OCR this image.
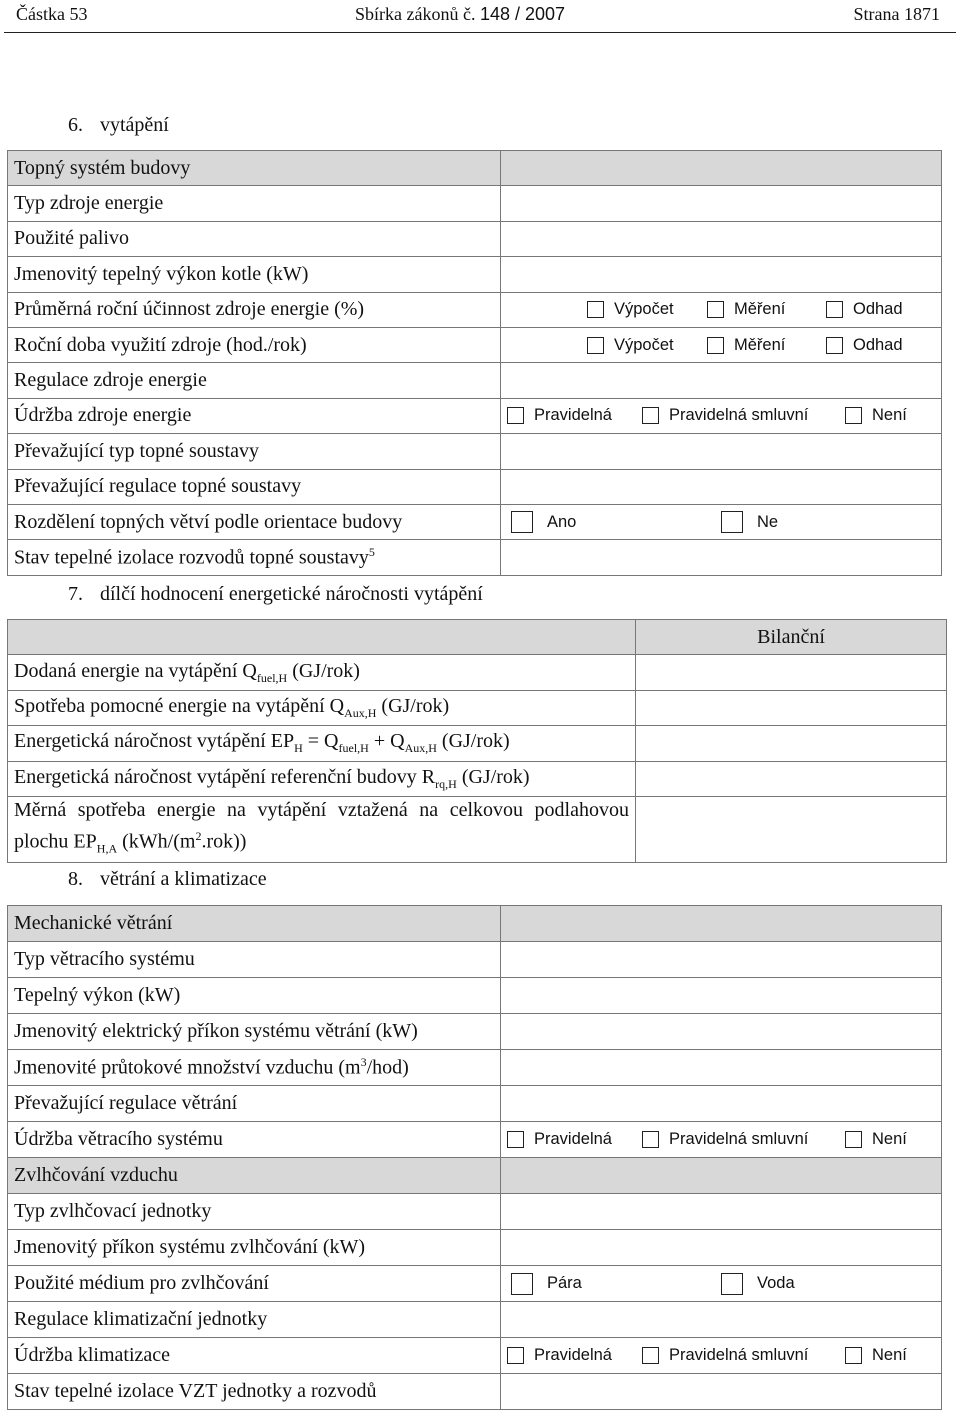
Částka 53	Sbírka zákonů č. 148 / 2007	Strana 1871
6. vytápění
Topný systém budovy	
Typ zdroje energie	
Použité palivo	
Jmenovitý tepelný výkon kotle (kW)	
Průměrná roční účinnost zdroje energie (%)	Výpočet Měření Odhad

Roční doba využití zdroje (hod./rok)	Výpočet Měření Odhad

Regulace zdroje energie	
Údržba zdroje energie	Pravidelná Pravidelná smluvní Není

Převažující typ topné soustavy	
Převažující regulace topné soustavy	
Rozdělení topných větví podle orientace budovy	Ano Ne

Stav tepelné izolace rozvodů topné soustavy$^5$	
7. dílčí hodnocení energetické náročnosti vytápění
	Bilanční
Dodaná energie na vytápění $Q_{fuel,H}$ (GJ/rok)	
Spotřeba pomocné energie na vytápění $Q_{Aux,H}$ (GJ/rok)	
Energetická náročnost vytápění $EP_H = Q_{fuel,H} + Q_{Aux,H}$ (GJ/rok)	
Energetická náročnost vytápění referenční budovy $R_{rq,H}$ (GJ/rok)	
Měrná spotřeba energie na vytápění vztažená na celkovou podlahovou plochu $EP_{H,A}$ $(kWh/(m^2.rok))$	
8. větrání a klimatizace
Mechanické větrání	
Typ větracího systému	
Tepelný výkon (kW)	
Jmenovitý elektrický příkon systému větrání (kW)	
Jmenovité průtokové množství vzduchu $(m^3/hod)$	
Převažující regulace větrání	
Údržba větracího systému	Pravidelná Pravidelná smluvní Není

Zvlhčování vzduchu	
Typ zvlhčovací jednotky	
Jmenovitý příkon systému zvlhčování (kW)	
Použité médium pro zvlhčování	Pára Voda

Regulace klimatizační jednotky	
Údržba klimatizace	Pravidelná Pravidelná smluvní Není

Stav tepelné izolace VZT jednotky a rozvodů	
